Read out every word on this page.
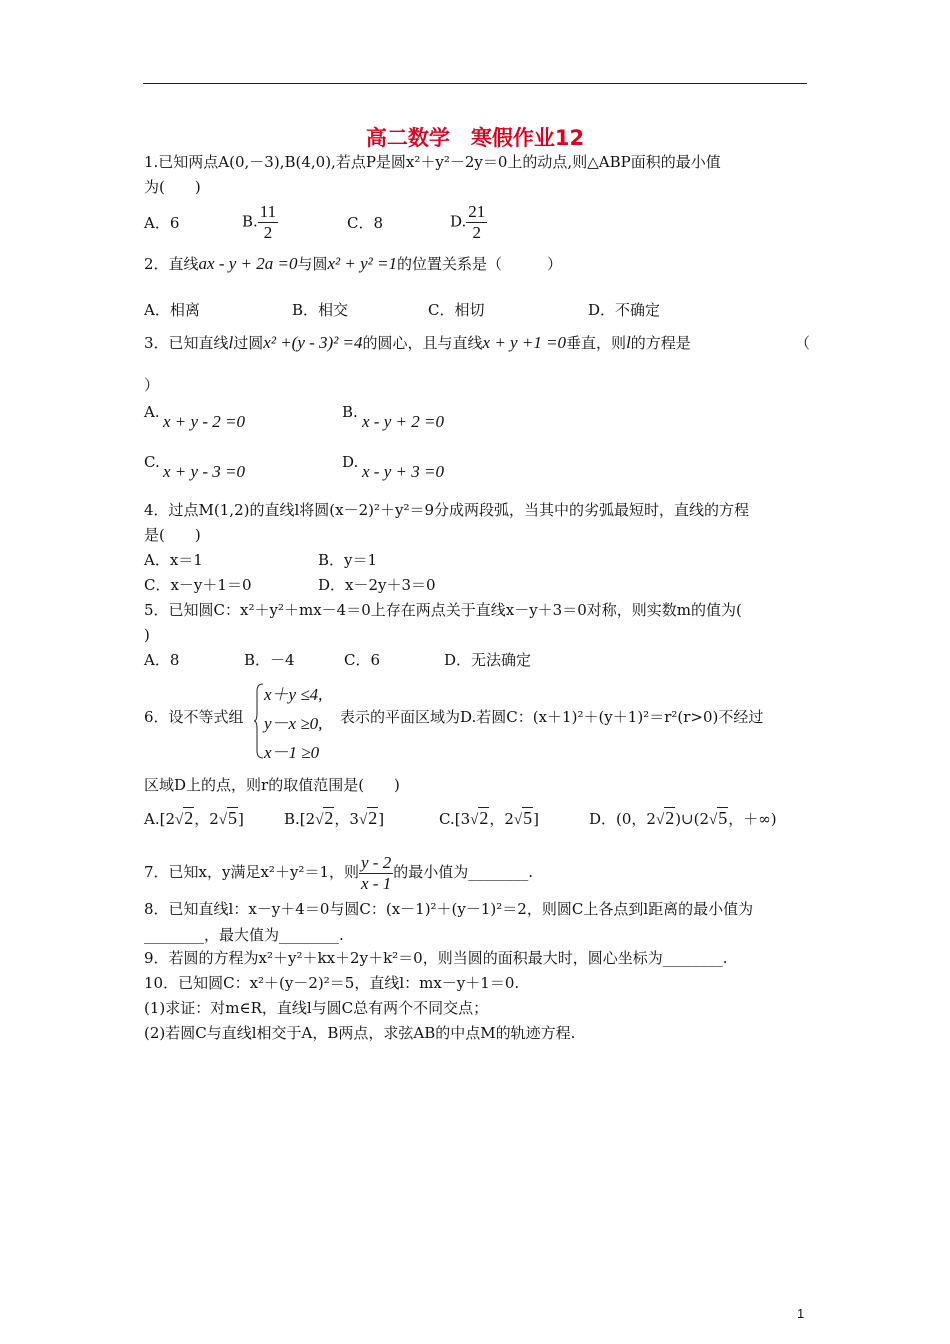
高二数学　寒假作业12
1.已知两点A(0,－3),B(4,0),若点P是圆x²＋y²－2y＝0上的动点,则△ABP面积的最小值
为(　　)
A．6	B. $\frac{11}{2}$	C．8	D. $\frac{21}{2}$
2．直线ax - y + 2a =0与圆x² + y² =1的位置关系是（　　　）
A．相离	B．相交	C．相切	D．不确定
3．已知直线l过圆x² +(y - 3)² =4的圆心，且与直线x + y +1 =0垂直，则l的方程是	（
）
A. x + y - 2 =0	B. x - y + 2 =0
C. x + y - 3 =0	D. x - y + 3 =0
4．过点M(1,2)的直线l将圆(x－2)²＋y²＝9分成两段弧，当其中的劣弧最短时，直线的方程
是(　　)
A．x＝1	B．y＝1
C．x－y＋1＝0	D．x－2y＋3＝0
5．已知圆C：x²＋y²＋mx－4＝0上存在两点关于直线x－y＋3＝0对称，则实数m的值为(
)
A．8	B．－4	C．6	D．无法确定
6．设不等式组
x＋y ≤4,
y－x ≥0,
x－1 ≥0
表示的平面区域为D.若圆C：(x＋1)²＋(y＋1)²＝r²(r>0)不经过
区域D上的点，则r的取值范围是(　　)
A.[2√2，2√5]	B.[2√2，3√2]	C.[3√2，2√5]	D．(0，2√2)∪(2√5，＋∞)
7．已知x，y满足x²＋y²＝1，则 $\frac{y - 2}{x - 1}$ 的最小值为________.
8．已知直线l：x－y＋4＝0与圆C：(x－1)²＋(y－1)²＝2，则圆C上各点到l距离的最小值为
________，最大值为________.
9．若圆的方程为x²＋y²＋kx＋2y＋k²＝0，则当圆的面积最大时，圆心坐标为________.
10．已知圆C：x²＋(y－2)²＝5，直线l：mx－y＋1＝0.
(1)求证：对m∈R，直线l与圆C总有两个不同交点；
(2)若圆C与直线l相交于A，B两点，求弦AB的中点M的轨迹方程.
1
